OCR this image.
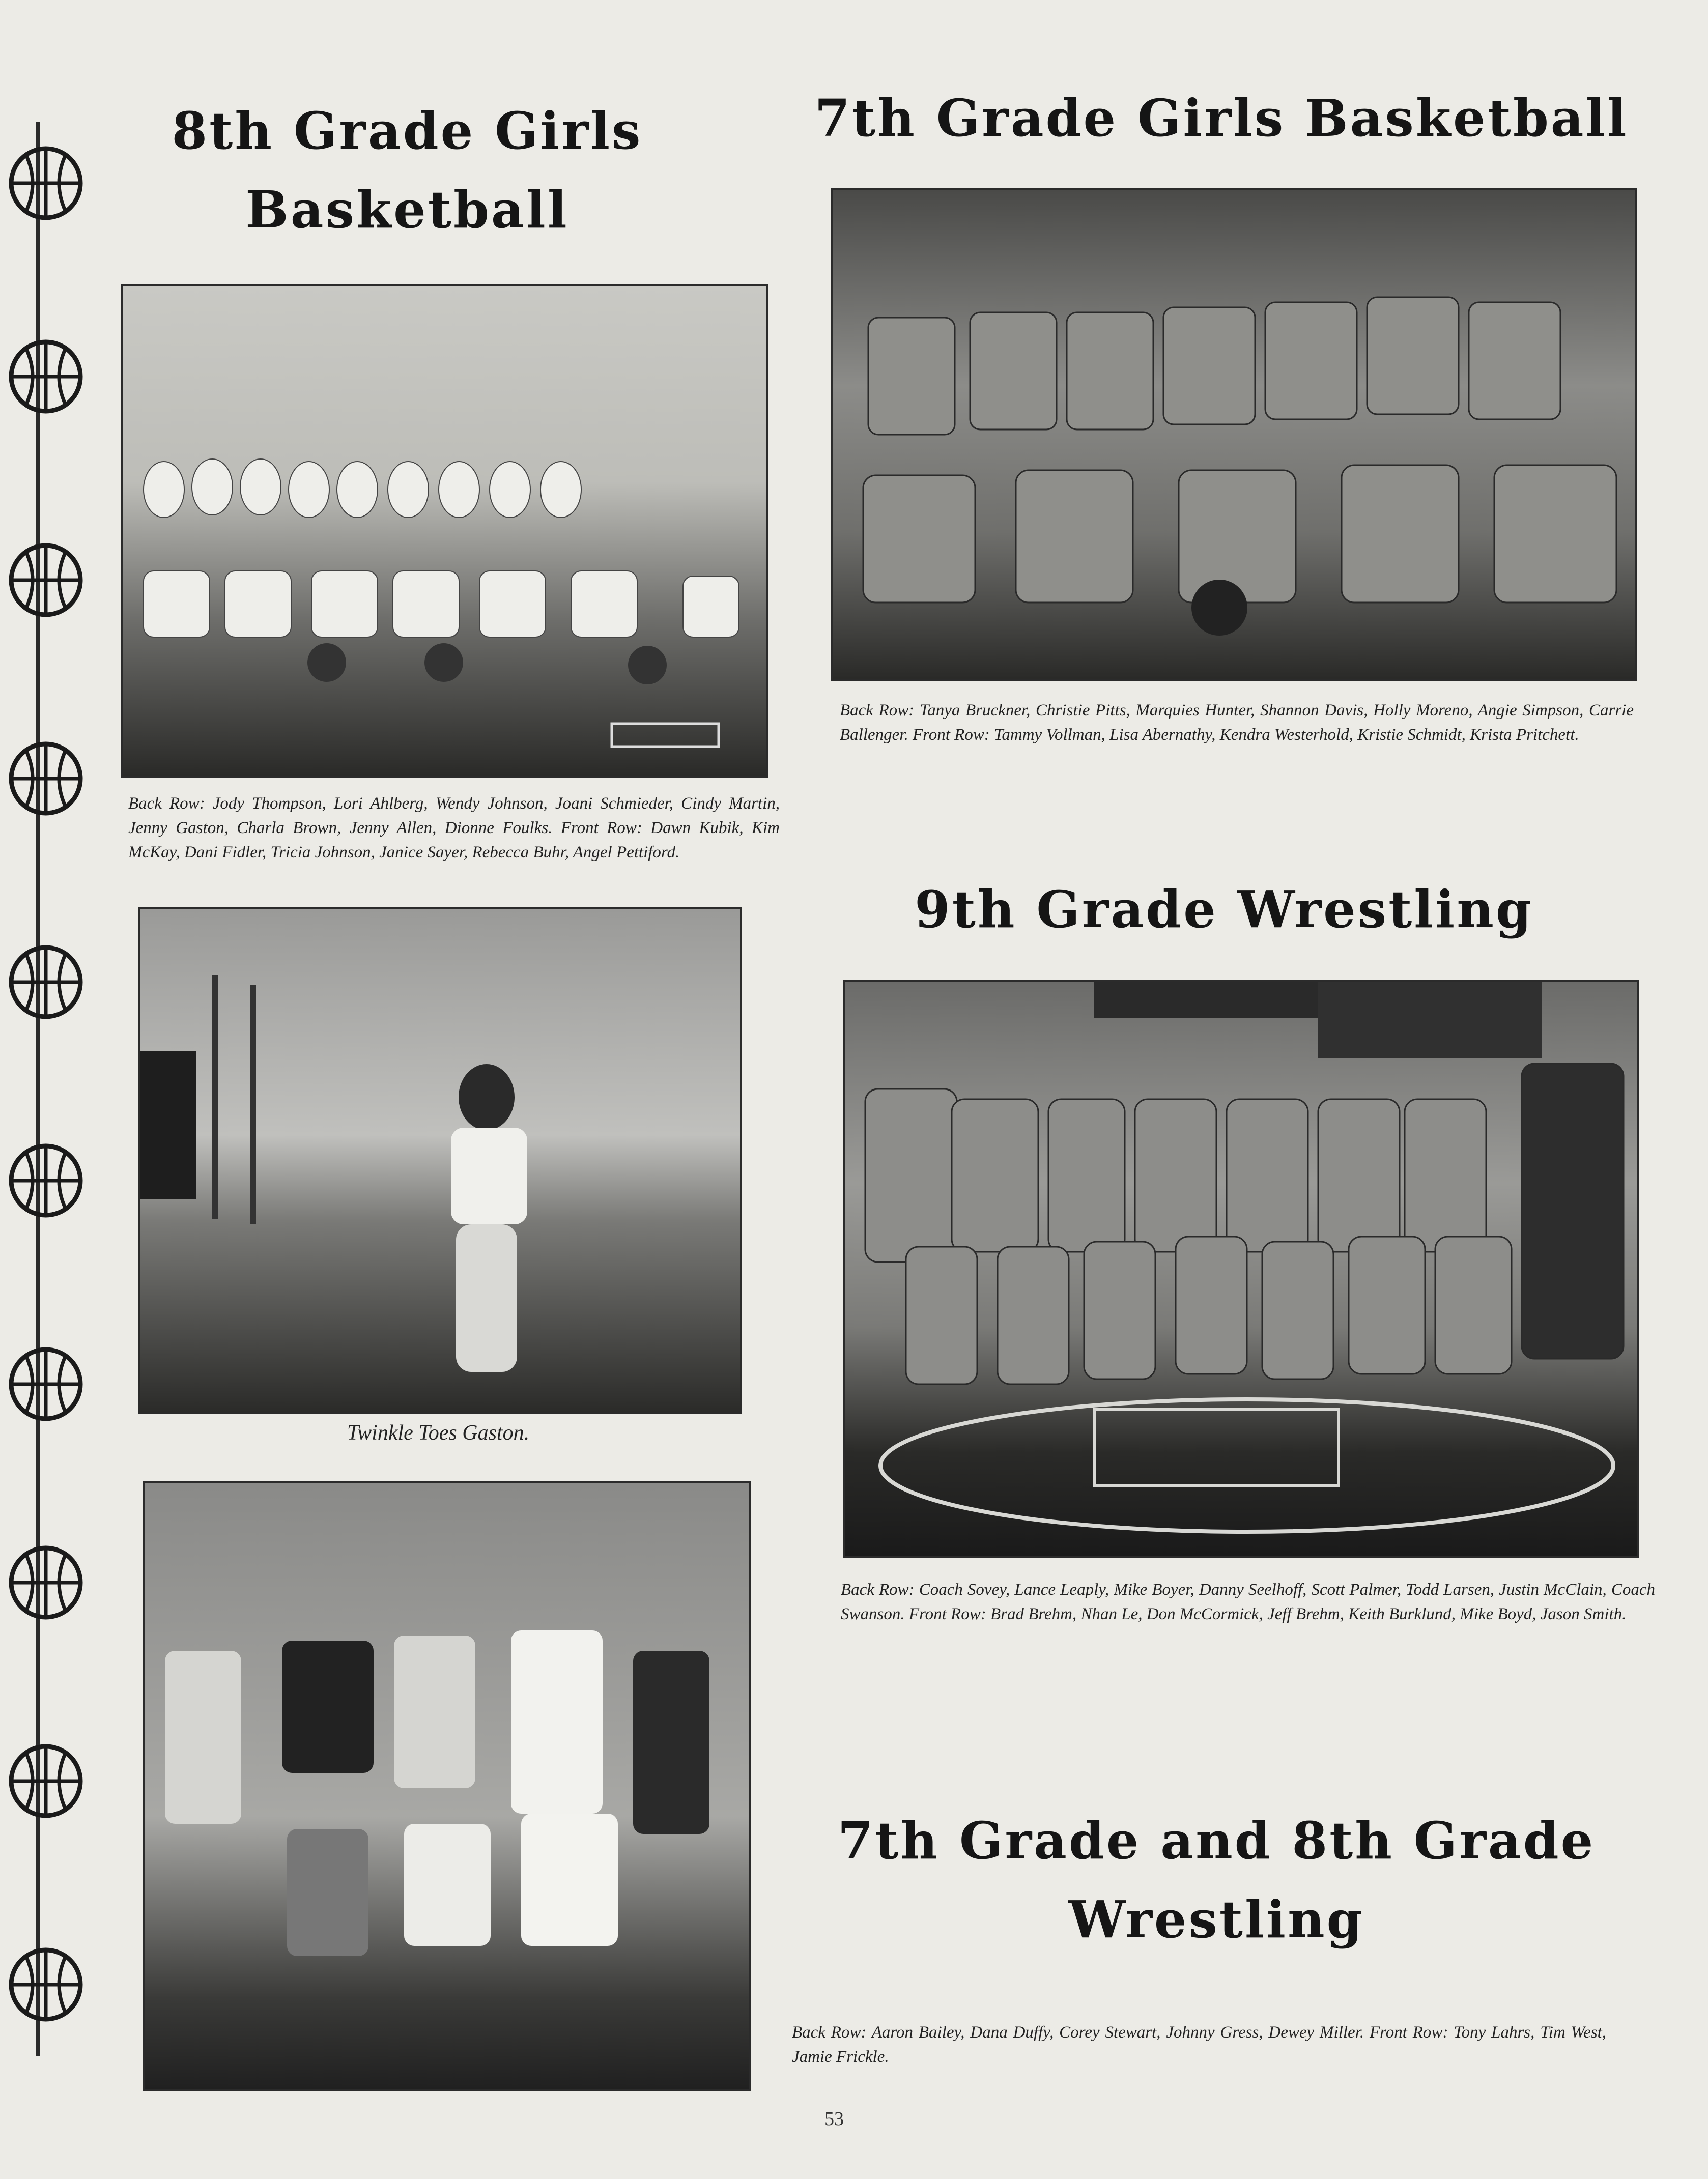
8th Grade Girls
Basketball
Back Row: Jody Thompson, Lori Ahlberg, Wendy Johnson, Joani Schmieder, Cindy Martin, Jenny Gaston, Charla Brown, Jenny Allen, Dionne Foulks. Front Row: Dawn Kubik, Kim McKay, Dani Fidler, Tricia Johnson, Janice Sayer, Rebecca Buhr, Angel Pettiford.
Twinkle Toes Gaston.
7th Grade Girls Basketball
Back Row: Tanya Bruckner, Christie Pitts, Marquies Hunter, Shannon Davis, Holly Moreno, Angie Simpson, Carrie Ballenger. Front Row: Tammy Vollman, Lisa Abernathy, Kendra Westerhold, Kristie Schmidt, Krista Pritchett.
9th Grade Wrestling
Back Row: Coach Sovey, Lance Leaply, Mike Boyer, Danny Seelhoff, Scott Palmer, Todd Larsen, Justin McClain, Coach Swanson. Front Row: Brad Brehm, Nhan Le, Don McCormick, Jeff Brehm, Keith Burklund, Mike Boyd, Jason Smith.
7th Grade and 8th Grade
Wrestling
Back Row: Aaron Bailey, Dana Duffy, Corey Stewart, Johnny Gress, Dewey Miller. Front Row: Tony Lahrs, Tim West, Jamie Frickle.
53
